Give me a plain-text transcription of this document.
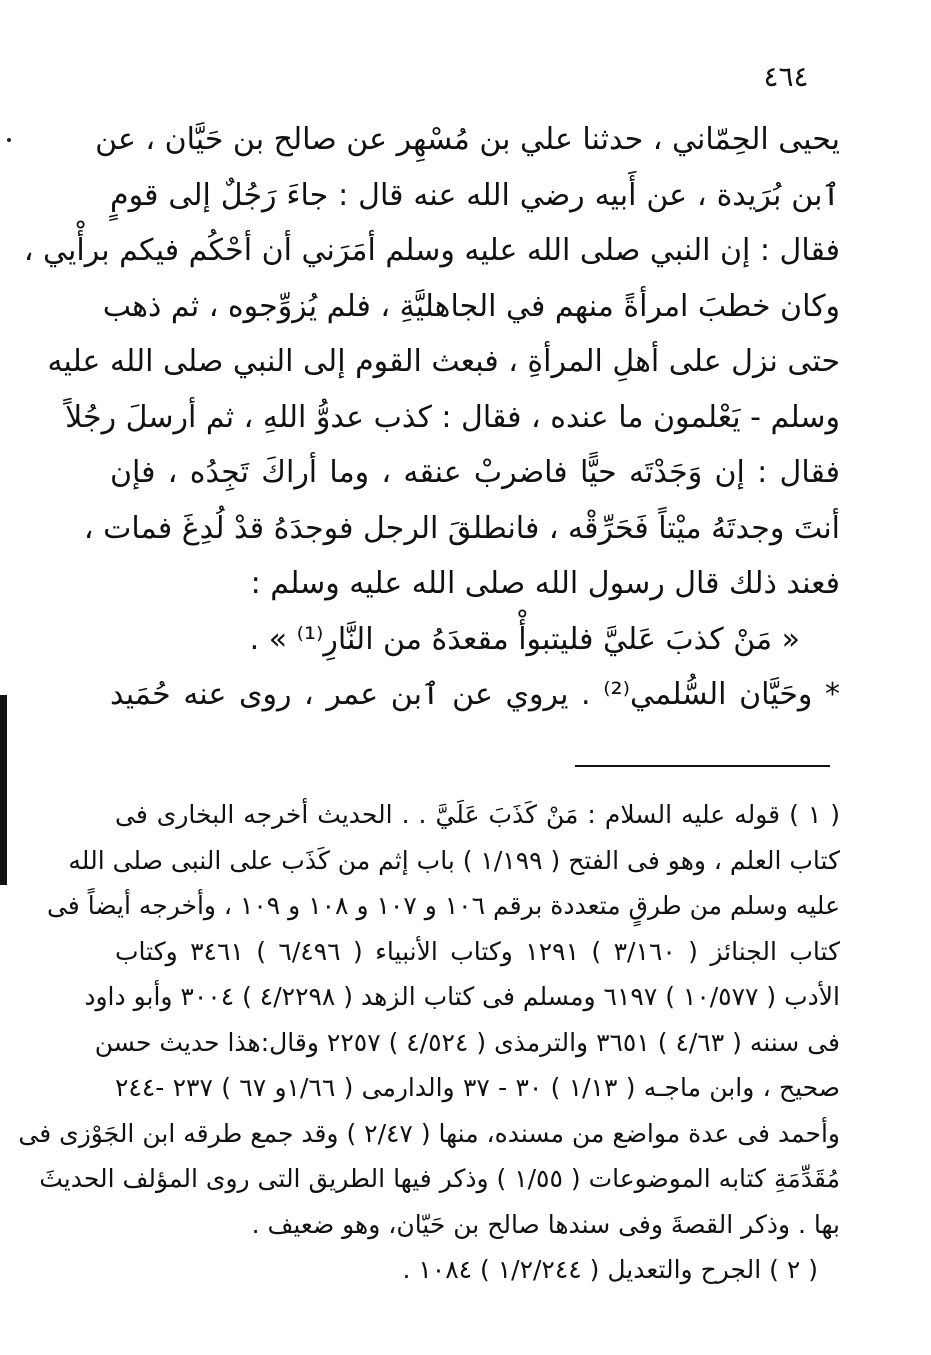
٤٦٤
يحيى الحِمّاني ، حدثنا علي بن مُسْهِر عن صالح بن حَيَّان ، عن
ٱبن بُرَيدة ، عن أَبيه رضي الله عنه قال : جاءَ رَجُلٌ إلى قومٍ
فقال : إن النبي صلى الله عليه وسلم أمَرَني أن أحْكُم فيكم برأْيي ،
وكان خطبَ امرأةً منهم في الجاهليَّةِ ، فلم يُزوِّجوه ، ثم ذهب
حتى نزل على أهلِ المرأةِ ، فبعث القوم إلى النبي صلى الله عليه
وسلم - يَعْلمون ما عنده ، فقال : كذب عدوُّ اللهِ ، ثم أرسلَ رجُلاً
فقال : إن وَجَدْتَه حيًّا فاضربْ عنقه ، وما أراكَ تَجِدُه ، فإن
أنتَ وجدتَهُ ميْتاً فَحَرِّقْه ، فانطلقَ الرجل فوجدَهُ قدْ لُدِغَ فمات ،
فعند ذلك قال رسول الله صلى الله عليه وسلم :
« مَنْ كذبَ عَليَّ فليتبوأْ مقعدَهُ من النَّارِ⁽¹⁾ » .
* وحَيَّان السُّلمي⁽²⁾ . يروي عن ٱبن عمر ، روى عنه حُمَيد
( ١ ) قوله عليه السلام : مَنْ كَذَبَ عَلَيَّ . . الحديث أخرجه البخارى فى
كتاب العلم ، وهو فى الفتح ( ١/١٩٩ ) باب إثم من كَذَب على النبى صلى الله
عليه وسلم من طرقٍ متعددة برقم ١٠٦ و ١٠٧ و ١٠٨ و ١٠٩ ، وأخرجه أيضاً فى
كتاب الجنائز ( ٣/١٦٠ ) ١٢٩١ وكتاب الأنبياء ( ٦/٤٩٦ ) ٣٤٦١ وكتاب
الأدب ( ١٠/٥٧٧ ) ٦١٩٧ ومسلم فى كتاب الزهد ( ٤/٢٢٩٨ ) ٣٠٠٤ وأبو داود
فى سننه ( ٤/٦٣ ) ٣٦٥١ والترمذى ( ٤/٥٢٤ ) ٢٢٥٧ وقال:هذا حديث حسن
صحيح ، وابن ماجـه ( ١/١٣ ) ٣٠ - ٣٧ والدارمى ( ١/٦٦و ٦٧ ) ٢٣٧ -٢٤٤
وأحمد فى عدة مواضع من مسنده، منها ( ٢/٤٧ ) وقد جمع طرقه ابن الجَوْزى فى
مُقَدِّمَةِ كتابه الموضوعات ( ١/٥٥ ) وذكر فيها الطريق التى روى المؤلف الحديثَ
بها . وذكر القصةَ وفى سندها صالح بن حَيّان، وهو ضعيف .
( ٢ ) الجرح والتعديل ( ١/٢/٢٤٤ ) ١٠٨٤ .
